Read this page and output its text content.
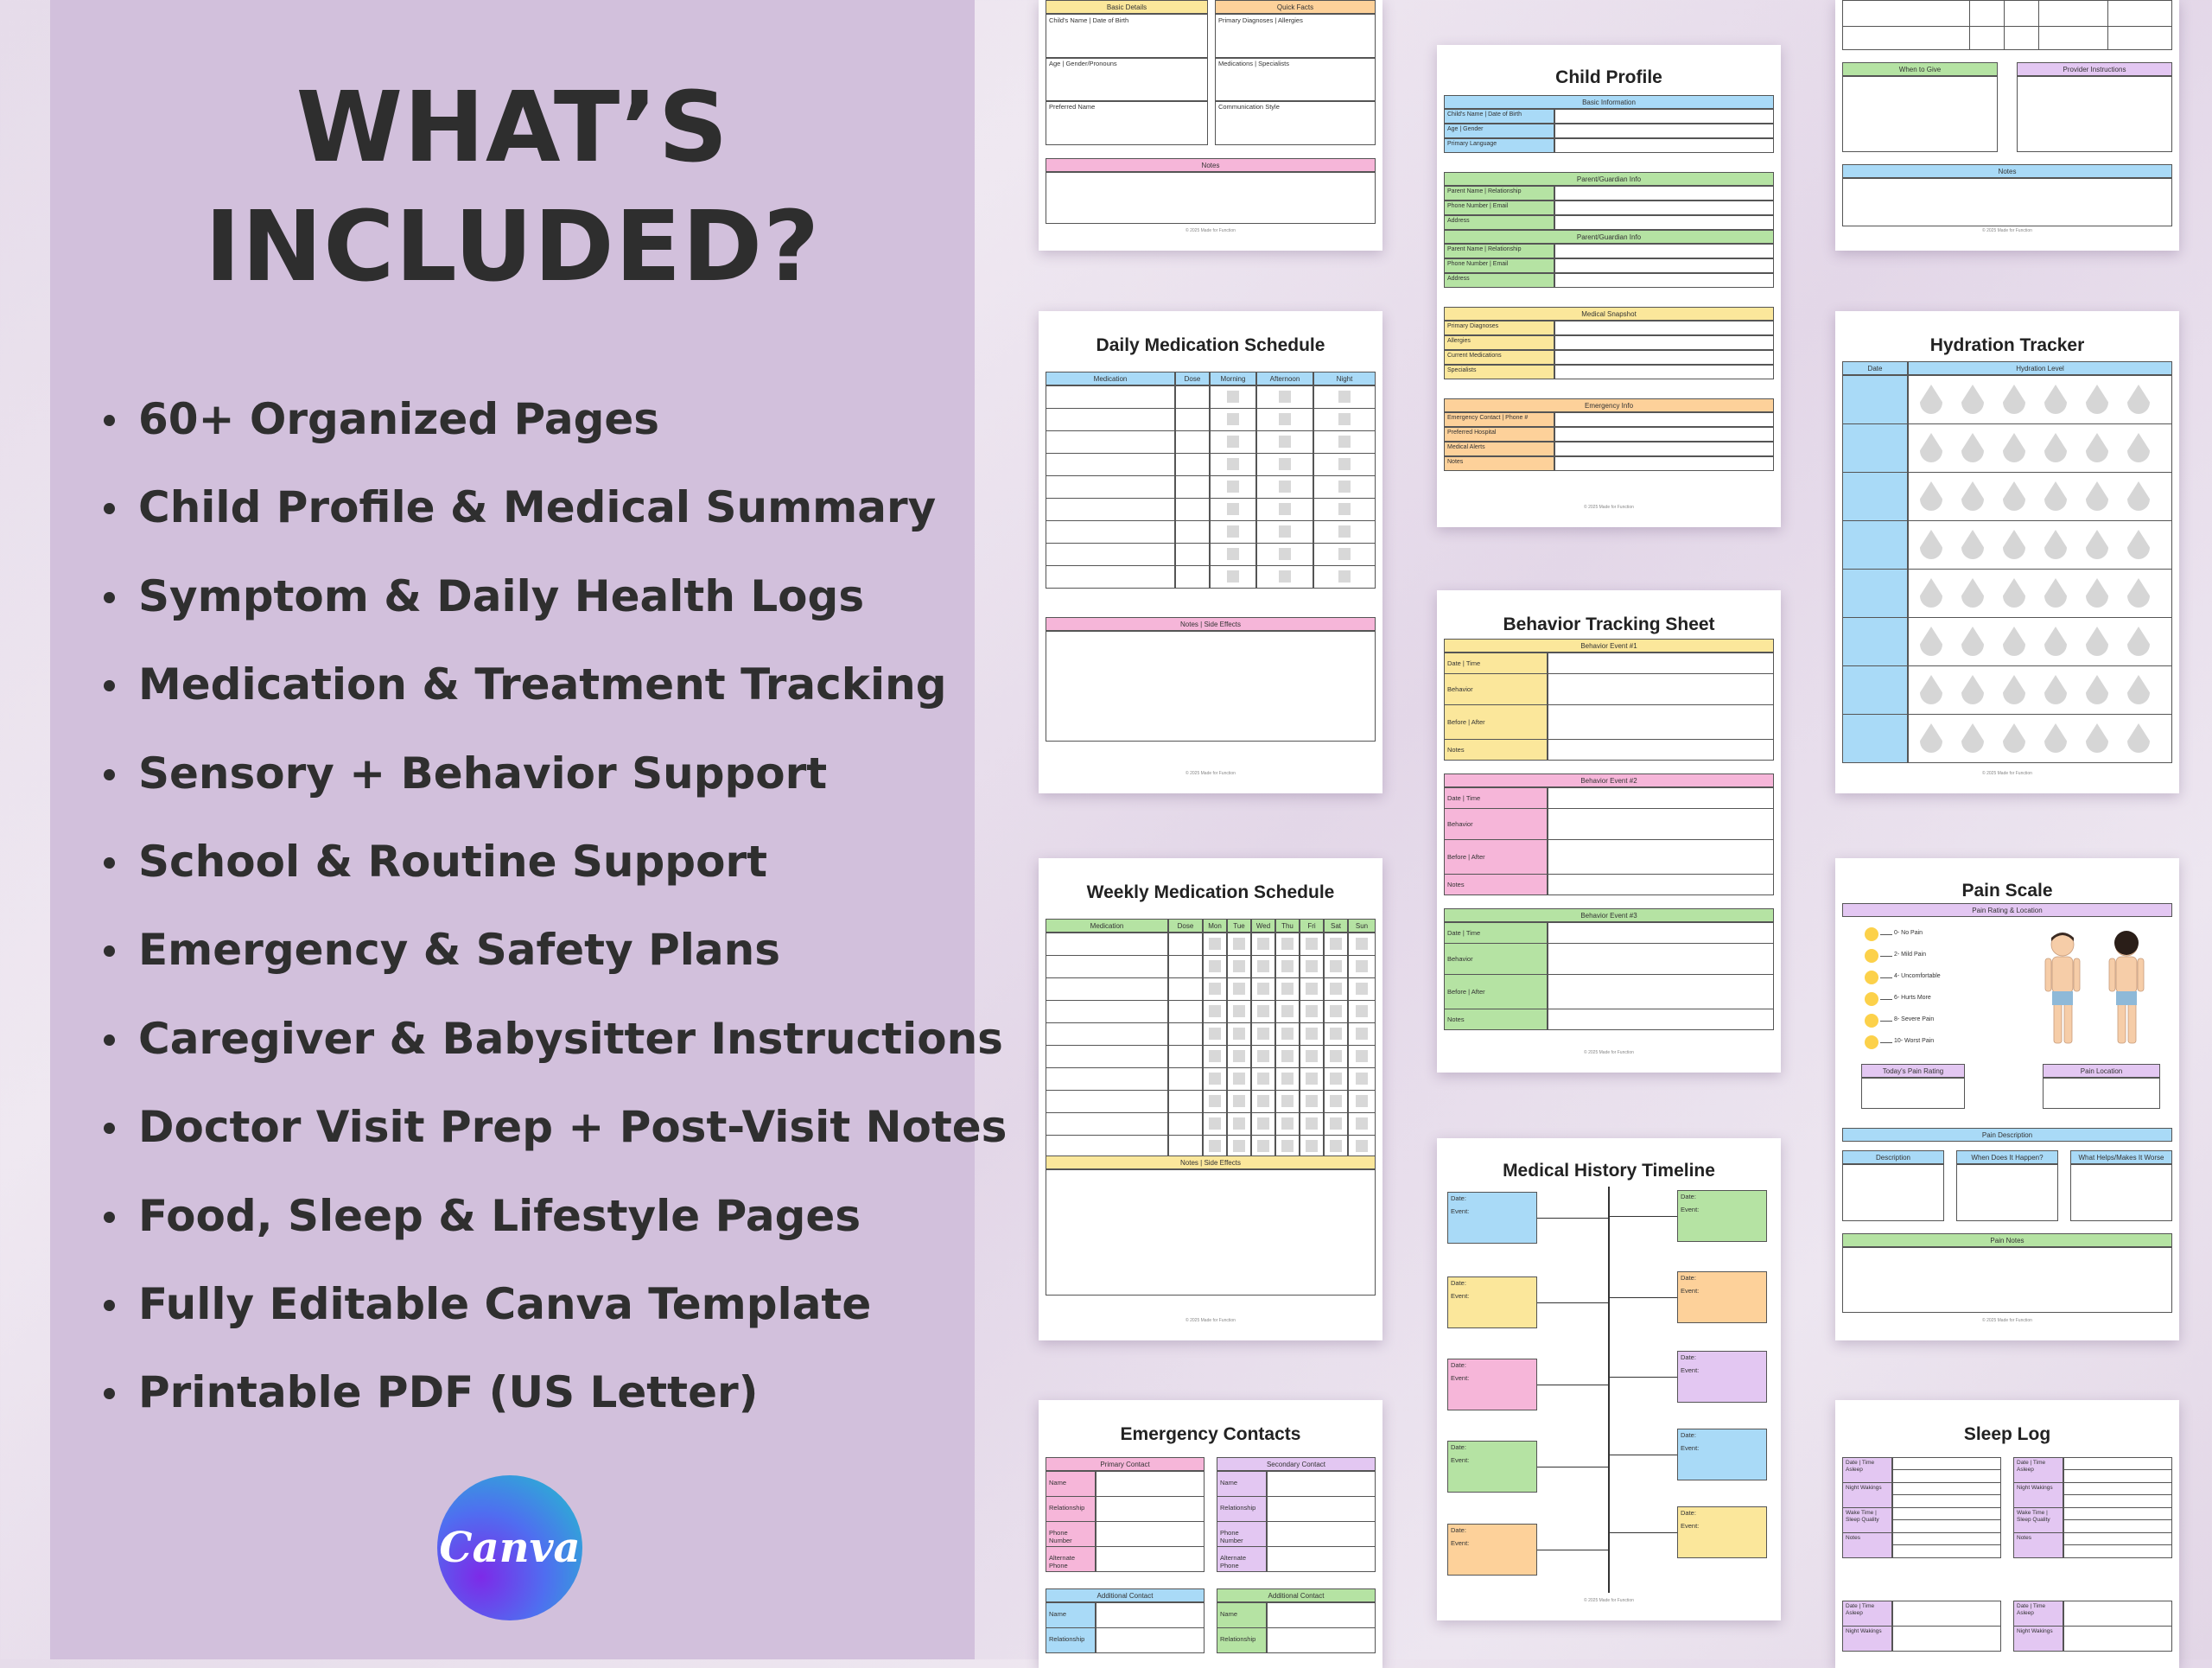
WHAT’S
INCLUDED?
60+ Organized Pages
Child Profile & Medical Summary
Symptom & Daily Health Logs
Medication & Treatment Tracking
Sensory + Behavior Support
School & Routine Support
Emergency & Safety Plans
Caregiver & Babysitter Instructions
Doctor Visit Prep + Post-Visit Notes
Food, Sleep & Lifestyle Pages
Fully Editable Canva Template
Printable PDF (US Letter)
Canva
Basic Details	Quick Facts
Child's Name | Date of Birth
Age | Gender/Pronouns
Preferred Name
Primary Diagnoses | Allergies
Medications | Specialists
Communication Style
Notes
© 2025 Made for Function
Child Profile
Basic Information
Child's Name | Date of Birth
Age | Gender
Primary Language
Parent/Guardian Info
Parent Name | Relationship
Phone Number | Email
Address
Parent/Guardian Info
Parent Name | Relationship
Phone Number | Email
Address
Medical Snapshot
Primary Diagnoses
Allergies
Current Medications
Specialists
Emergency Info
Emergency Contact | Phone #
Preferred Hospital
Medical Alerts
Notes
© 2025 Made for Function
When to Give	Provider Instructions
Notes
© 2025 Made for Function
Daily Medication Schedule
Medication	Dose	Morning	Afternoon	Night
Notes | Side Effects
© 2025 Made for Function
Hydration Tracker
Date	Hydration Level
© 2025 Made for Function
Behavior Tracking Sheet
Behavior Event #1
Date | Time
Behavior
Before | After
Notes
Behavior Event #2
Date | Time
Behavior
Before | After
Notes
Behavior Event #3
Date | Time
Behavior
Before | After
Notes
© 2025 Made for Function
Weekly Medication Schedule
Medication	Dose	Mon	Tue	Wed	Thu	Fri	Sat	Sun
Notes | Side Effects
© 2025 Made for Function
Pain Scale
Pain Rating & Location
0- No Pain
2- Mild Pain
4- Uncomfortable
6- Hurts More
8- Severe Pain
10- Worst Pain
Today's Pain Rating	Pain Location
Pain Description
Description	When Does It Happen?	What Helps/Makes It Worse
Pain Notes
© 2025 Made for Function
Medical History Timeline
Date:
Event:
Date:
Event:
Date:
Event:
Date:
Event:
Date:
Event:
Date:
Event:
Date:
Event:
Date:
Event:
Date:
Event:
Date:
Event:
© 2025 Made for Function
Emergency Contacts
Primary Contact
Name
Relationship
Phone Number
Alternate Phone
Secondary Contact
Name
Relationship
Phone Number
Alternate Phone
Additional Contact
Name
Relationship
Additional Contact
Name
Relationship
Sleep Log
Date | Time Asleep
Night Wakings
Wake Time | Sleep Quality
Notes
Date | Time Asleep
Night Wakings
Date | Time Asleep
Night Wakings
Wake Time | Sleep Quality
Notes
Date | Time Asleep
Night Wakings
